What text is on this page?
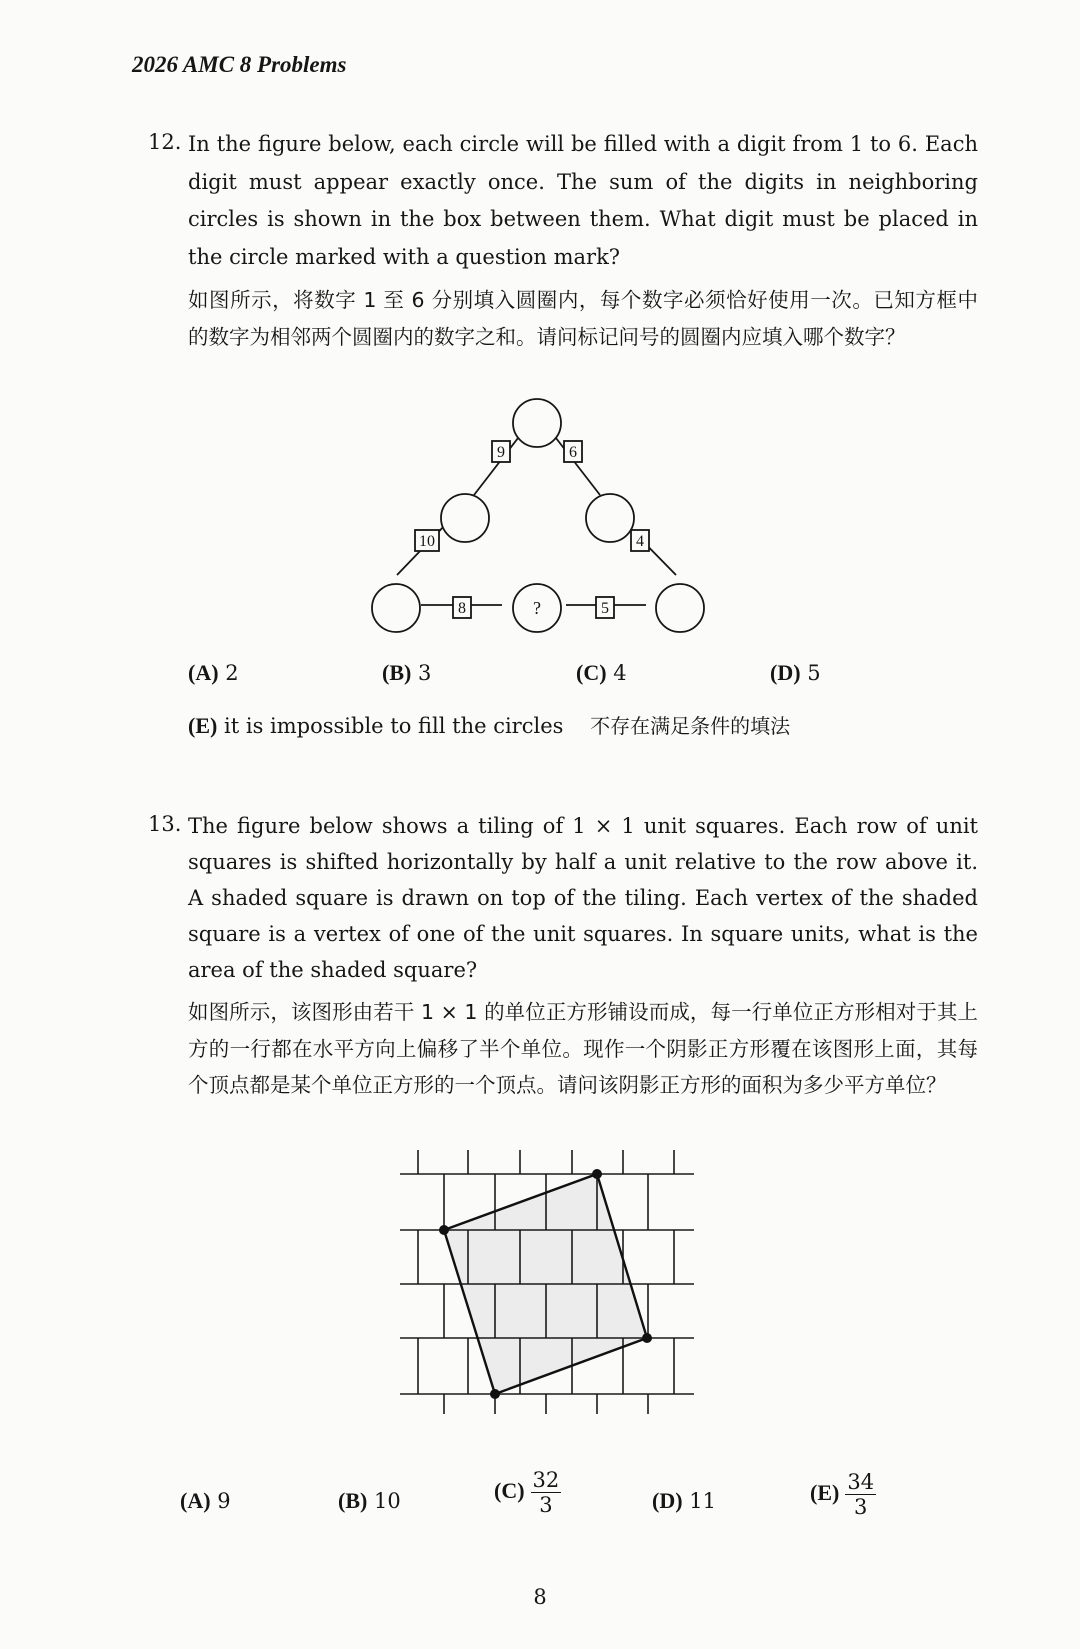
2026 AMC 8 Problems
12. In the figure below, each circle will be filled with a digit from 1 to 6. Each digit must appear exactly once. The sum of the digits in neighboring circles is shown in the box between them. What digit must be placed in the circle marked with a question mark?
如图所示，将数字 1 至 6 分别填入圆圈内，每个数字必须恰好使用一次。已知方框中的数字为相邻两个圆圈内的数字之和。请问标记问号的圆圈内应填入哪个数字？
9	6
10	4
8	5
?
(A) 2	(B) 3	(C) 4	(D) 5
(E) it is impossible to fill the circles 不存在满足条件的填法
13. The figure below shows a tiling of 1 × 1 unit squares. Each row of unit squares is shifted horizontally by half a unit relative to the row above it. A shaded square is drawn on top of the tiling. Each vertex of the shaded square is a vertex of one of the unit squares. In square units, what is the area of the shaded square?
如图所示，该图形由若干 1 × 1 的单位正方形铺设而成，每一行单位正方形相对于其上方的一行都在水平方向上偏移了半个单位。现作一个阴影正方形覆在该图形上面，其每个顶点都是某个单位正方形的一个顶点。请问该阴影正方形的面积为多少平方单位？
(A) 9	(B) 10	$(C) \frac{32}{3}$	(D) 11	$(E) \frac{34}{3}$
8
